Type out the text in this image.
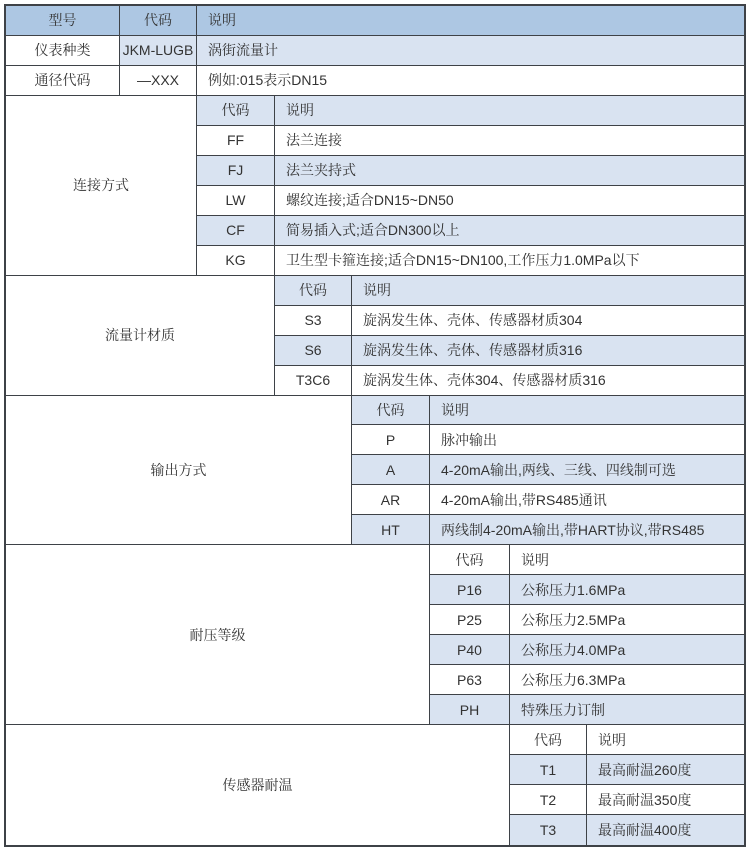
型号	代码	说明
仪表种类	JKM-LUGB	涡街流量计
通径代码	—XXX	例如:015表示DN15
连接方式
代码	说明
FF	法兰连接
FJ	法兰夹持式
LW	螺纹连接;适合DN15~DN50
CF	简易插入式;适合DN300以上
KG	卫生型卡箍连接;适合DN15~DN100,工作压力1.0MPa以下
流量计材质
代码	说明
S3	旋涡发生体、壳体、传感器材质304
S6	旋涡发生体、壳体、传感器材质316
T3C6	旋涡发生体、壳体304、传感器材质316
输出方式
代码	说明
P	脉冲输出
A	4-20mA输出,两线、三线、四线制可选
AR	4-20mA输出,带RS485通讯
HT	两线制4-20mA输出,带HART协议,带RS485
耐压等级
代码	说明
P16	公称压力1.6MPa
P25	公称压力2.5MPa
P40	公称压力4.0MPa
P63	公称压力6.3MPa
PH	特殊压力订制
传感器耐温
代码	说明
T1	最高耐温260度
T2	最高耐温350度
T3	最高耐温400度
